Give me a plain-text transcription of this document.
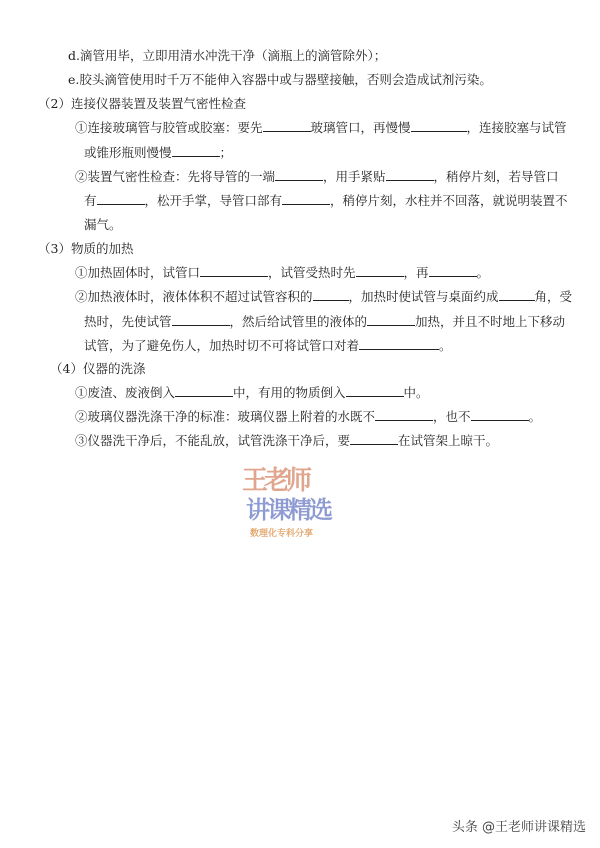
d.滴管用毕，立即用清水冲洗干净（滴瓶上的滴管除外）；
e.胶头滴管使用时千万不能伸入容器中或与器壁接触，否则会造成试剂污染。
（2）连接仪器装置及装置气密性检查
①连接玻璃管与胶管或胶塞：要先	玻璃管口，再慢慢	，连接胶塞与试管
或锥形瓶则慢慢	；
②装置气密性检查：先将导管的一端	，用手紧贴	，稍停片刻，若导管口
有	，松开手掌，导管口部有	，稍停片刻，水柱并不回落，就说明装置不
漏气。
（3）物质的加热
①加热固体时，试管口	，试管受热时先	，再	。
②加热液体时，液体体积不超过试管容积的	，加热时使试管与桌面约成	角，受
热时，先使试管	，然后给试管里的液体的	加热，并且不时地上下移动
试管，为了避免伤人，加热时切不可将试管口对着	。
（4）仪器的洗涤
①废渣、废液倒入	中，有用的物质倒入	中。
②玻璃仪器洗涤干净的标准：玻璃仪器上附着的水既不	，也不	。
③仪器洗干净后，不能乱放，试管洗涤干净后，要	在试管架上晾干。
王老师
讲课精选
数理化专科分享
头条 @王老师讲课精选
